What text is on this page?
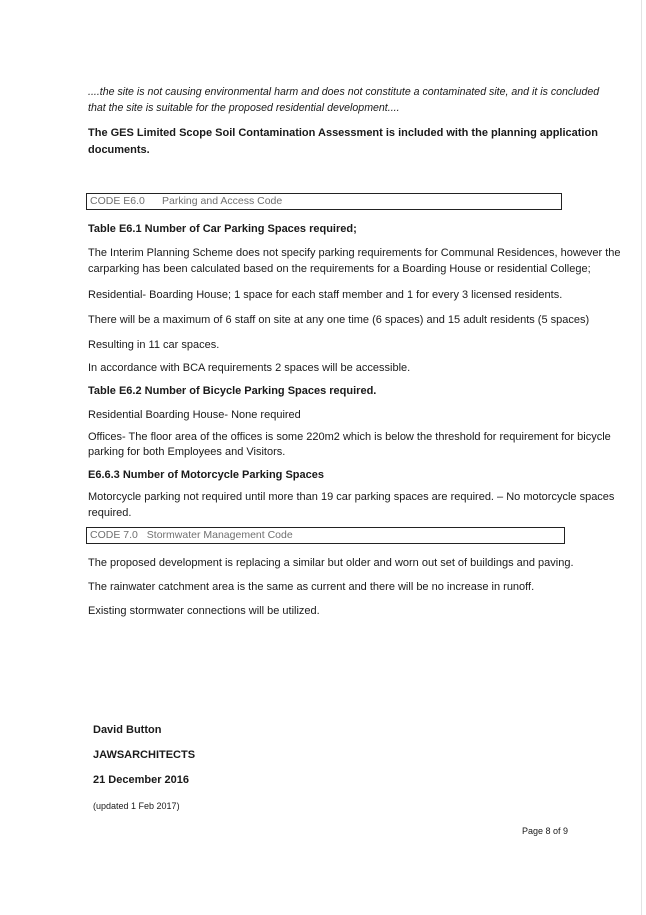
....the site is not causing environmental harm and does not constitute a contaminated site, and it is concluded
that the site is suitable for the proposed residential development....
The GES Limited Scope Soil Contamination Assessment is included with the planning application
documents.
CODE E6.0 Parking and Access Code
Table E6.1 Number of Car Parking Spaces required;
The Interim Planning Scheme does not specify parking requirements for Communal Residences, however the
carparking has been calculated based on the requirements for a Boarding House or residential College;
Residential- Boarding House; 1 space for each staff member and 1 for every 3 licensed residents.
There will be a maximum of 6 staff on site at any one time (6 spaces) and 15 adult residents (5 spaces)
Resulting in 11 car spaces.
In accordance with BCA requirements 2 spaces will be accessible.
Table E6.2 Number of Bicycle Parking Spaces required.
Residential Boarding House- None required
Offices- The floor area of the offices is some 220m2 which is below the threshold for requirement for bicycle
parking for both Employees and Visitors.
E6.6.3 Number of Motorcycle Parking Spaces
Motorcycle parking not required until more than 19 car parking spaces are required. – No motorcycle spaces
required.
CODE 7.0 Stormwater Management Code
The proposed development is replacing a similar but older and worn out set of buildings and paving.
The rainwater catchment area is the same as current and there will be no increase in runoff.
Existing stormwater connections will be utilized.
David Button
JAWSARCHITECTS
21 December 2016
(updated 1 Feb 2017)
Page 8 of 9
